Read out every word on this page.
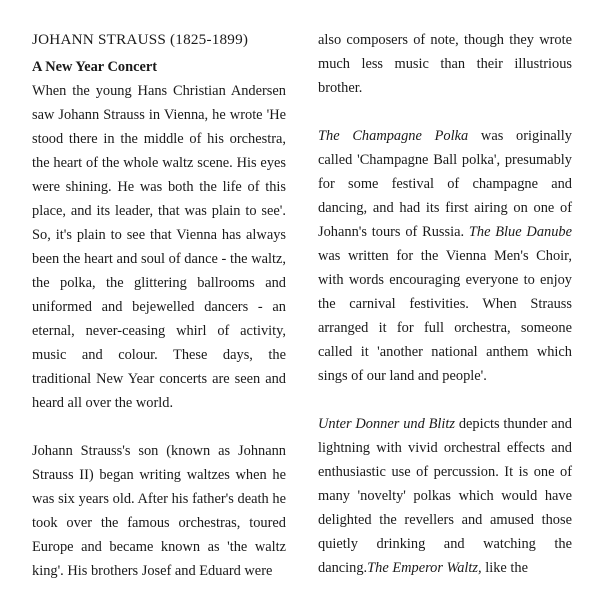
JOHANN STRAUSS (1825-1899)
A New Year Concert

When the young Hans Christian Andersen saw Johann Strauss in Vienna, he wrote 'He stood there in the middle of his orchestra, the heart of the whole waltz scene. His eyes were shining. He was both the life of this place, and its leader, that was plain to see'. So, it's plain to see that Vienna has always been the heart and soul of dance - the waltz, the polka, the glittering ballrooms and uniformed and bejewelled dancers - an eternal, never-ceasing whirl of activity, music and colour. These days, the traditional New Year concerts are seen and heard all over the world.

Johann Strauss's son (known as Johnann Strauss II) began writing waltzes when he was six years old. After his father's death he took over the famous orchestras, toured Europe and became known as 'the waltz king'. His brothers Josef and Eduard were

also composers of note, though they wrote much less music than their illustrious brother.

The Champagne Polka was originally called 'Champagne Ball polka', presumably for some festival of champagne and dancing, and had its first airing on one of Johann's tours of Russia. The Blue Danube was written for the Vienna Men's Choir, with words encouraging everyone to enjoy the carnival festivities. When Strauss arranged it for full orchestra, someone called it 'another national anthem which sings of our land and people'.

Unter Donner und Blitz depicts thunder and lightning with vivid orchestral effects and enthusiastic use of percussion. It is one of many 'novelty' polkas which would have delighted the revellers and amused those quietly drinking and watching the dancing.The Emperor Waltz, like the
